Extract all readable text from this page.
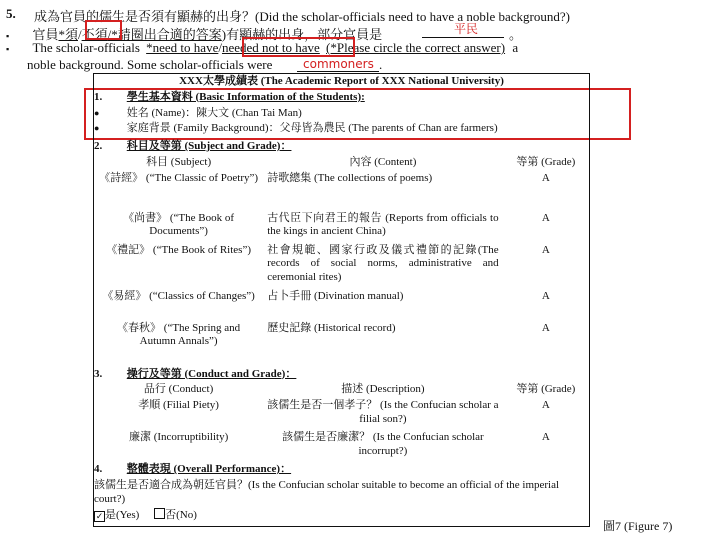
5. 成為官員的儒生是否須有顯赫的出身？(Did the scholar-officials need to have a noble background?)
▪ 官員*須/不須/*請圈出合適的答案)有顯赫的出身，部分官員是	平民 。
▪ The scholar-officials *need to have/needed not to have (*Please circle the correct answer) a
noble background. Some scholar-officials were	commoners .
XXX太學成績表 (The Academic Report of XXX National University)		
1. 學生基本資料 (Basic Information of the Students):		
● 姓名 (Name)：陳大文 (Chan Tai Man)		
● 家庭背景 (Family Background)：父母皆為農民 (The parents of Chan are farmers)		
2. 科目及等第 (Subject and Grade)：		
科目 (Subject)	內容 (Content)	等第 (Grade)
《詩經》 (“The Classic of Poetry”)	詩歌總集 (The collections of poems)	A
《尚書》 (“The Book of Documents”)	古代臣下向君王的報告 (Reports from officials to the kings in ancient China)	A
《禮記》 (“The Book of Rites”)	社會規範、國家行政及儀式禮節的記錄(The records of social norms, administrative and ceremonial rites)	A
《易經》 (“Classics of Changes”)	占卜手冊 (Divination manual)	A
《春秋》 (“The Spring and Autumn Annals”)	歷史記錄 (Historical record)	A
3. 操行及等第 (Conduct and Grade)：		
品行 (Conduct)	描述 (Description)	等第 (Grade)
孝順 (Filial Piety)	該儒生是否一個孝子？ (Is the Confucian scholar a filial son?)	A
廉潔 (Incorruptibility)	該儒生是否廉潔？ (Is the Confucian scholar incorrupt?)	A
4. 整體表現 (Overall Performance)：		
該儒生是否適合成為朝廷官員？(Is the Confucian scholar suitable to become an official of the imperial court?)		
✓ 是(Yes) 否(No)		
圖7 (Figure 7)
